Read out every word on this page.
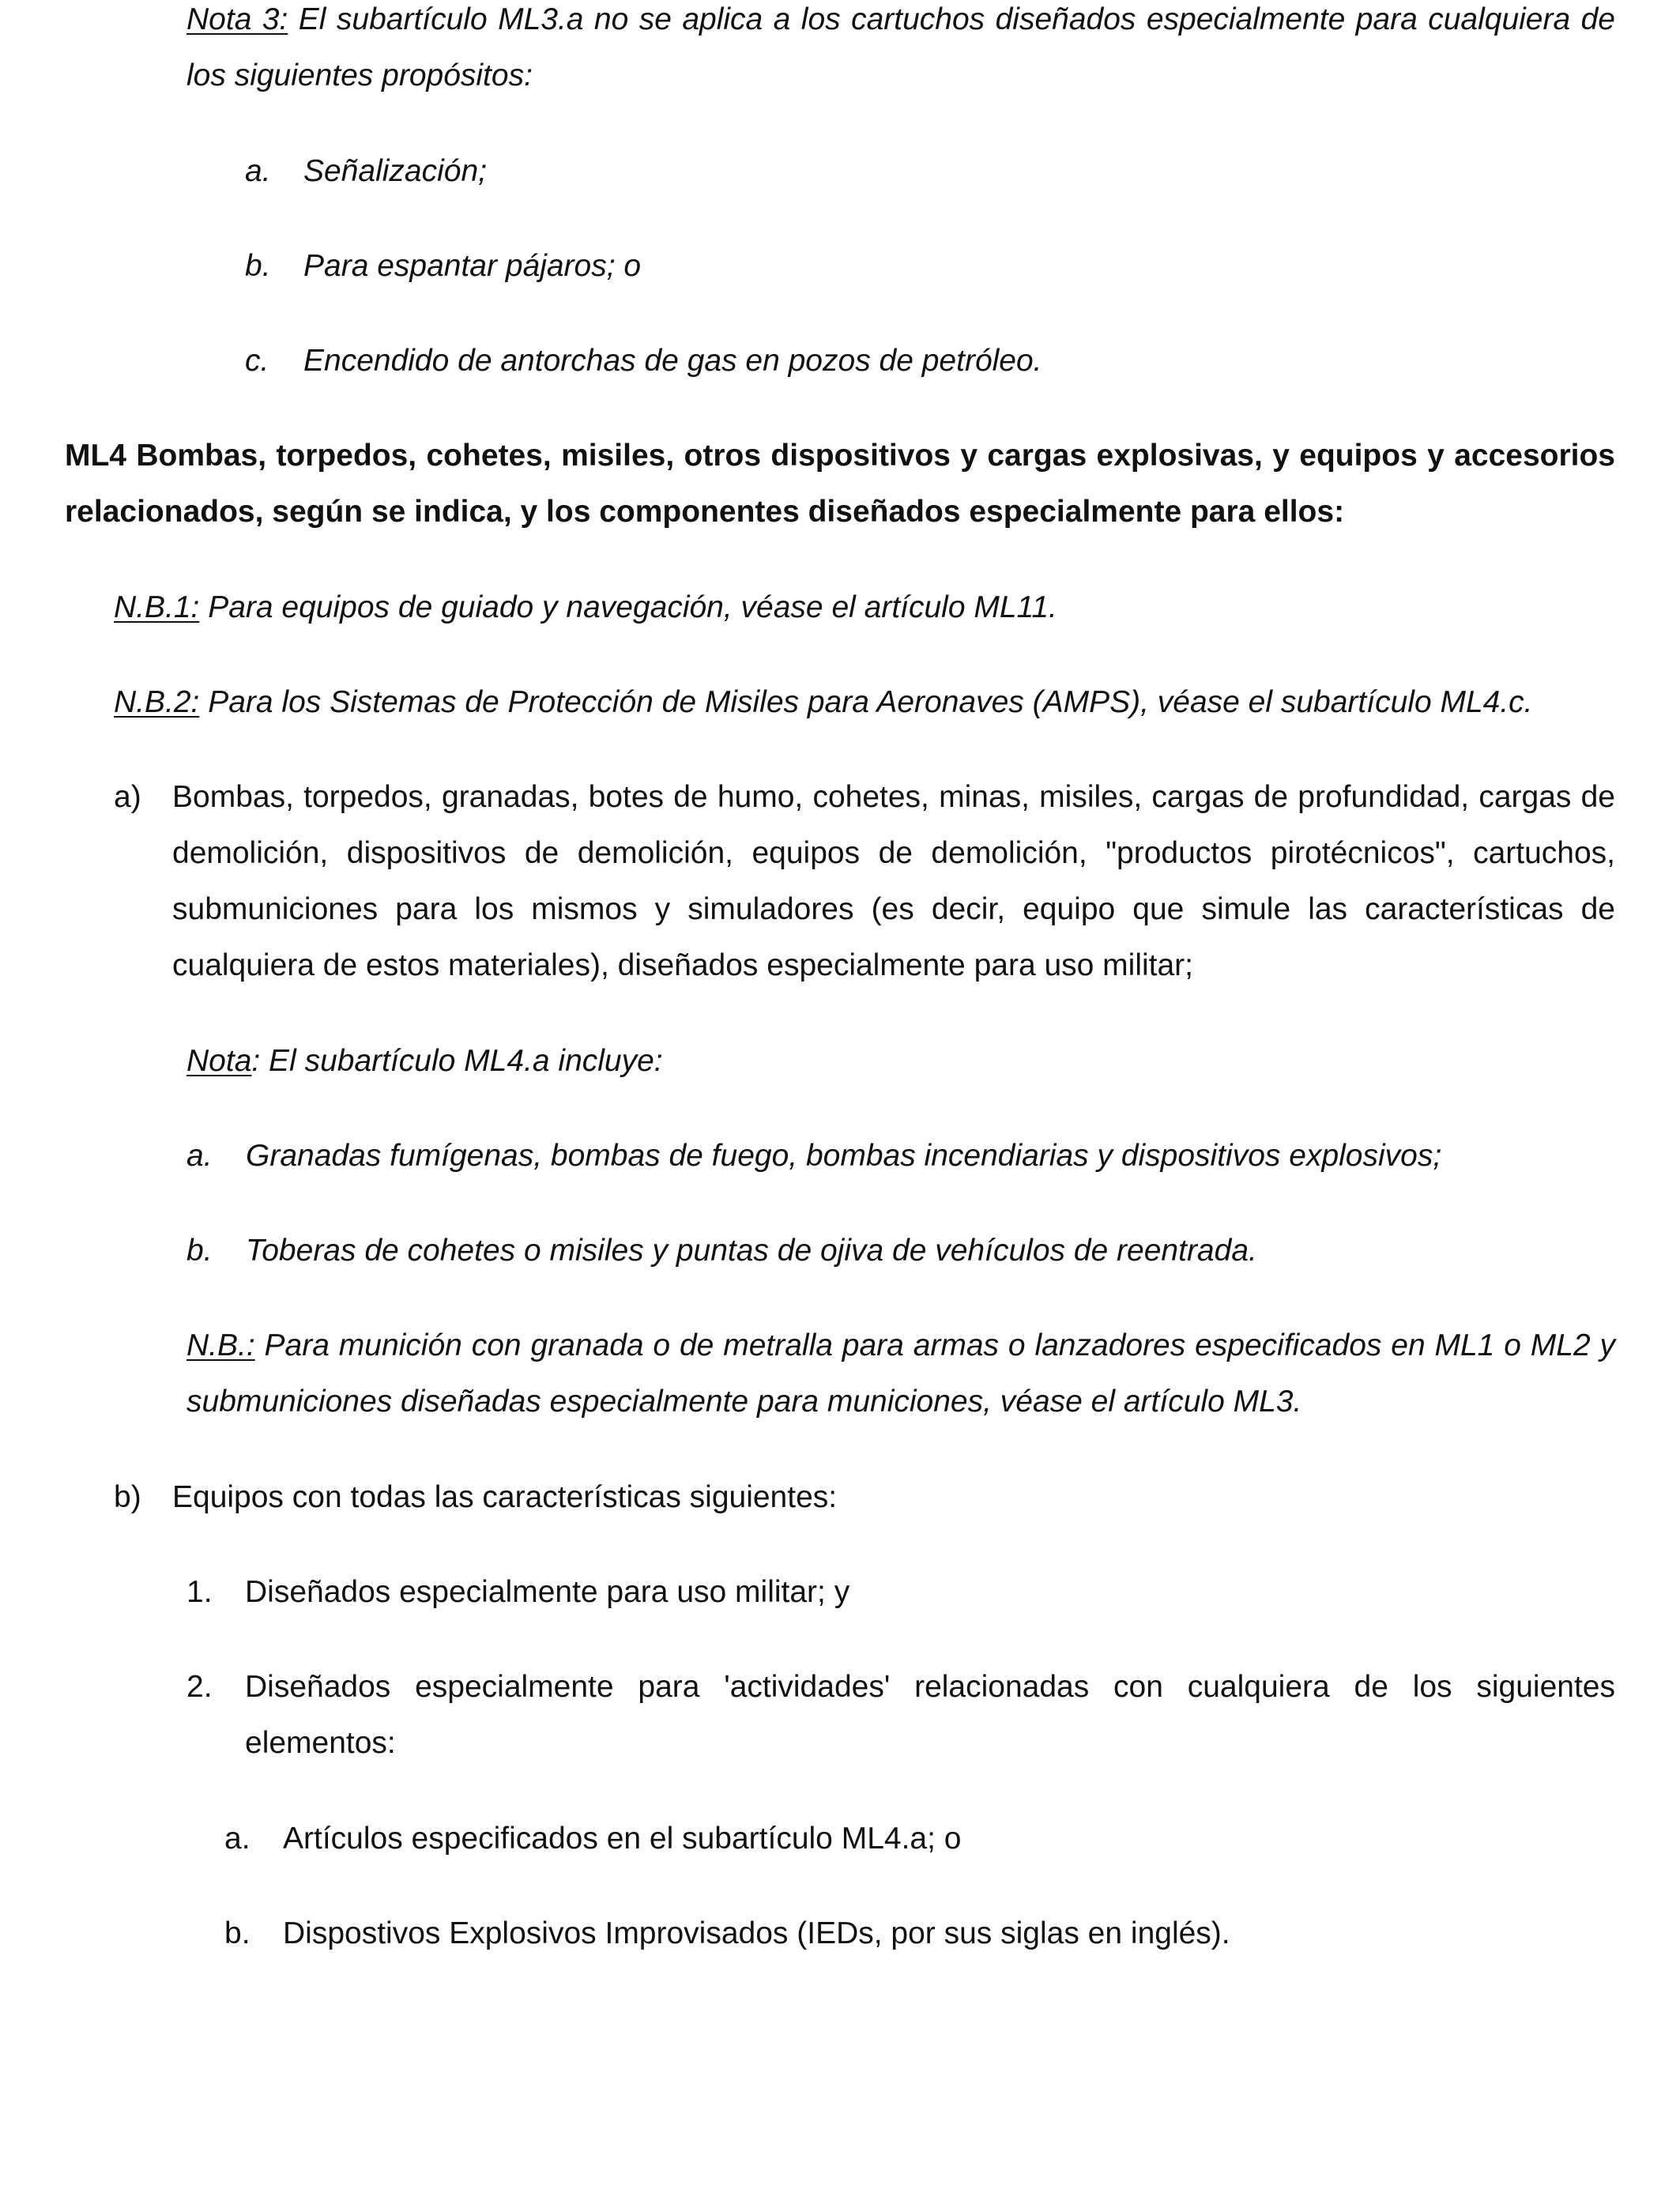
Nota 3: El subartículo ML3.a no se aplica a los cartuchos diseñados especialmente para cualquiera de los siguientes propósitos:

a. Señalización;
b. Para espantar pájaros; o
c. Encendido de antorchas de gas en pozos de petróleo.

ML4 Bombas, torpedos, cohetes, misiles, otros dispositivos y cargas explosivas, y equipos y accesorios relacionados, según se indica, y los componentes diseñados especialmente para ellos:

N.B.1: Para equipos de guiado y navegación, véase el artículo ML11.

N.B.2: Para los Sistemas de Protección de Misiles para Aeronaves (AMPS), véase el subartículo ML4.c.

a) Bombas, torpedos, granadas, botes de humo, cohetes, minas, misiles, cargas de profundidad, cargas de demolición, dispositivos de demolición, equipos de demolición, "productos pirotécnicos", cartuchos, submuniciones para los mismos y simuladores (es decir, equipo que simule las características de cualquiera de estos materiales), diseñados especialmente para uso militar;

Nota: El subartículo ML4.a incluye:

a. Granadas fumígenas, bombas de fuego, bombas incendiarias y dispositivos explosivos;
b. Toberas de cohetes o misiles y puntas de ojiva de vehículos de reentrada.

N.B.: Para munición con granada o de metralla para armas o lanzadores especificados en ML1 o ML2 y submuniciones diseñadas especialmente para municiones, véase el artículo ML3.

b) Equipos con todas las características siguientes:

1. Diseñados especialmente para uso militar; y

2. Diseñados especialmente para 'actividades' relacionadas con cualquiera de los siguientes elementos:

a. Artículos especificados en el subartículo ML4.a; o
b. Dispostivos Explosivos Improvisados (IEDs, por sus siglas en inglés).
